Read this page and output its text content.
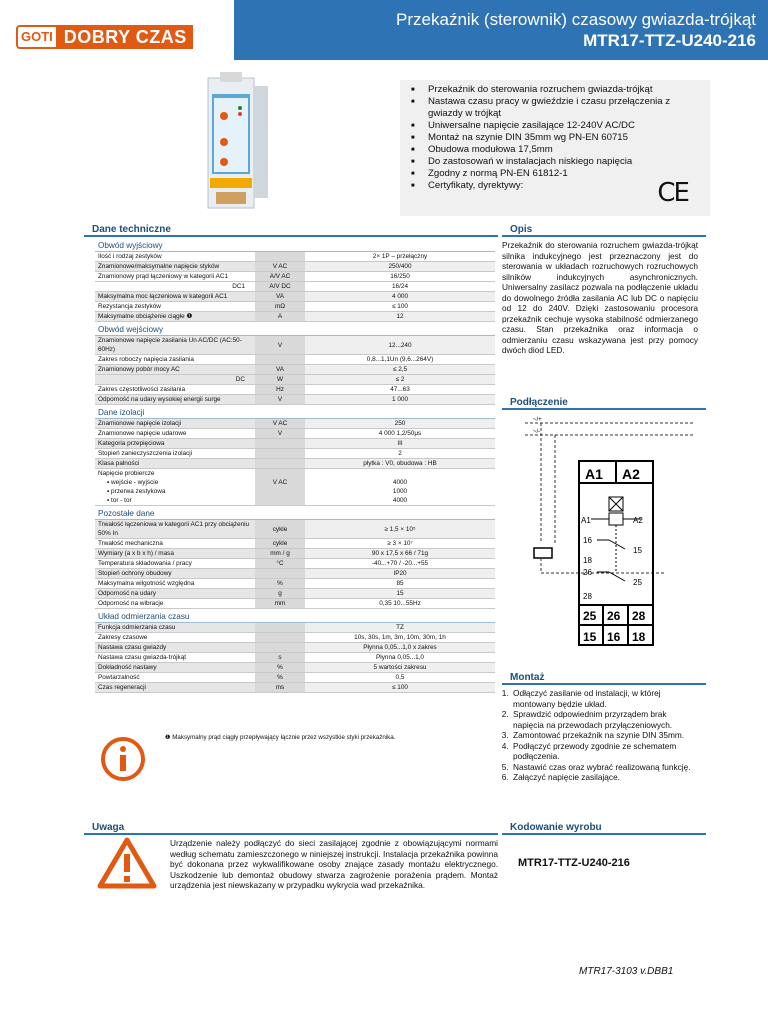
GOTI DOBRY CZAS
Przekaźnik (sterownik) czasowy gwiazda-trójkąt
MTR17-TTZ-U240-216
■ Przekaźnik do sterowania rozruchem gwiazda-trójkąt
■ Nastawa czasu pracy w gwieździe i czasu przełączenia z gwiazdy w trójkąt
■ Uniwersalne napięcie zasilające 12-240V AC/DC
■ Montaż na szynie DIN 35mm wg PN-EN 60715
■ Obudowa modułowa 17,5mm
■ Do zastosowań w instalacjach niskiego napięcia
■ Zgodny z normą PN-EN 61812-1
■ Certyfikaty, dyrektywy:	CE
Dane techniczne	Opis
Obwód wyjściowy		
Ilość i rodzaj zestyków		2× 1P – przełączny
Znamionowe/maksymalne napięcie styków	V AC	250/400
Znamionowy prąd łączeniowy w kategorii AC1	A/V AC	16/250
DC1	A/V DC	16/24
Maksymalna moc łączeniowa w kategorii AC1	VA	4 000
Rezystancja zestyków	mΩ	≤ 100
Maksymalne obciążenie ciągłe ❶	A	12
Obwód wejściowy		
Znamionowe napięcie zasilania Un AC/DC (AC:50-60Hz)	V	12...240
Zakres roboczy napięcia zasilania		0,8...1,1Un (9,6...264V)
Znamionowy pobór mocy AC	VA	≤ 2,5
DC	W	≤ 2
Zakres częstotliwości zasilania	Hz	47...63
Odporność na udary wysokiej energii surge	V	1 000
Dane izolacji		
Znamionowe napięcie izolacji	V AC	250
Znamionowe napięcie udarowe	V	4 000 1,2/50μs
Kategoria przepięciowa		III
Stopień zanieczyszczenia izolacji		2
Klasa palności		płytka : V0, obudowa : HB
Napięcie probiercze		
▪ wejście - wyjście	V AC	4000
▪ przerwa zestykowa		1000
▪ tor - tor		4000
Pozostałe dane		
Trwałość łączeniowa w kategorii AC1 przy obciążeniu 50% In	cykle	≥ 1,5 × 10⁵
Trwałość mechaniczna	cykle	≥ 3 × 10⁷
Wymiary (a x b x h) / masa	mm / g	90 x 17,5 x 66 / 71g
Temperatura składowania / pracy	°C	-40...+70 / -20...+55
Stopień ochrony obudowy		IP20
Maksymalna wilgotność względna	%	85
Odporność na udary	g	15
Odporność na wibracje	mm	0,35 10...55Hz
Układ odmierzania czasu		
Funkcja odmierzania czasu		TZ
Zakresy czasowe		10s, 30s, 1m, 3m, 10m, 30m, 1h
Nastawa czasu gwiazdy		Płynna 0,05...1,0 x zakres
Nastawa czasu gwiazda-trójkąt	s	Płynna 0,05...1,0
Dokładność nastawy	%	5 wartości zakresu
Powtarzalność	%	0,5
Czas regeneracji	ms	≤ 100
❶ Maksymalny prąd ciągły przepływający łącznie przez wszystkie styki przekaźnika.
Przekaźnik do sterowania rozruchem gwiazda-trójkąt silnika indukcyjnego jest przeznaczony jest do sterowania w układach rozruchowych rozruchowych silników indukcyjnych asynchronicznych. Uniwersalny zasilacz pozwala na podłączenie układu do dowolnego źródła zasilania AC lub DC o napięciu od 12 do 240V. Dzięki zastosowaniu procesora przekaźnik cechuje wysoka stabilność odmierzanego czasu. Stan przekaźnika oraz informacja o odmierzaniu czasu wskazywana jest przy pomocy dwóch diod LED.
Podłączenie
~/+
~/-
A1 A2
A1	A2
16
15
18
26
25
28
25 26 28
15 16 18
Montaż
1. Odłączyć zasilanie od instalacji, w której montowany będzie układ.
2. Sprawdzić odpowiednim przyrządem brak napięcia na przewodach przyłączeniowych.
3. Zamontować przekaźnik na szynie DIN 35mm.
4. Podłączyć przewody zgodnie ze schematem podłączenia.
5. Nastawić czas oraz wybrać realizowaną funkcję.
6. Załączyć napięcie zasilające.
Uwaga	Kodowanie wyrobu
Urządzenie należy podłączyć do sieci zasilającej zgodnie z obowiązującymi normami według schematu zamieszczonego w niniejszej instrukcji. Instalacja przekaźnika powinna być dokonana przez wykwalifikowane osoby znające zasady montażu elektrycznego. Uszkodzenie lub demontaż obudowy stwarza zagrożenie porażenia prądem. Montaż urządzenia jest niewskazany w przypadku wykrycia wad przekaźnika.
MTR17-TTZ-U240-216
MTR17-3103 v.DBB1
